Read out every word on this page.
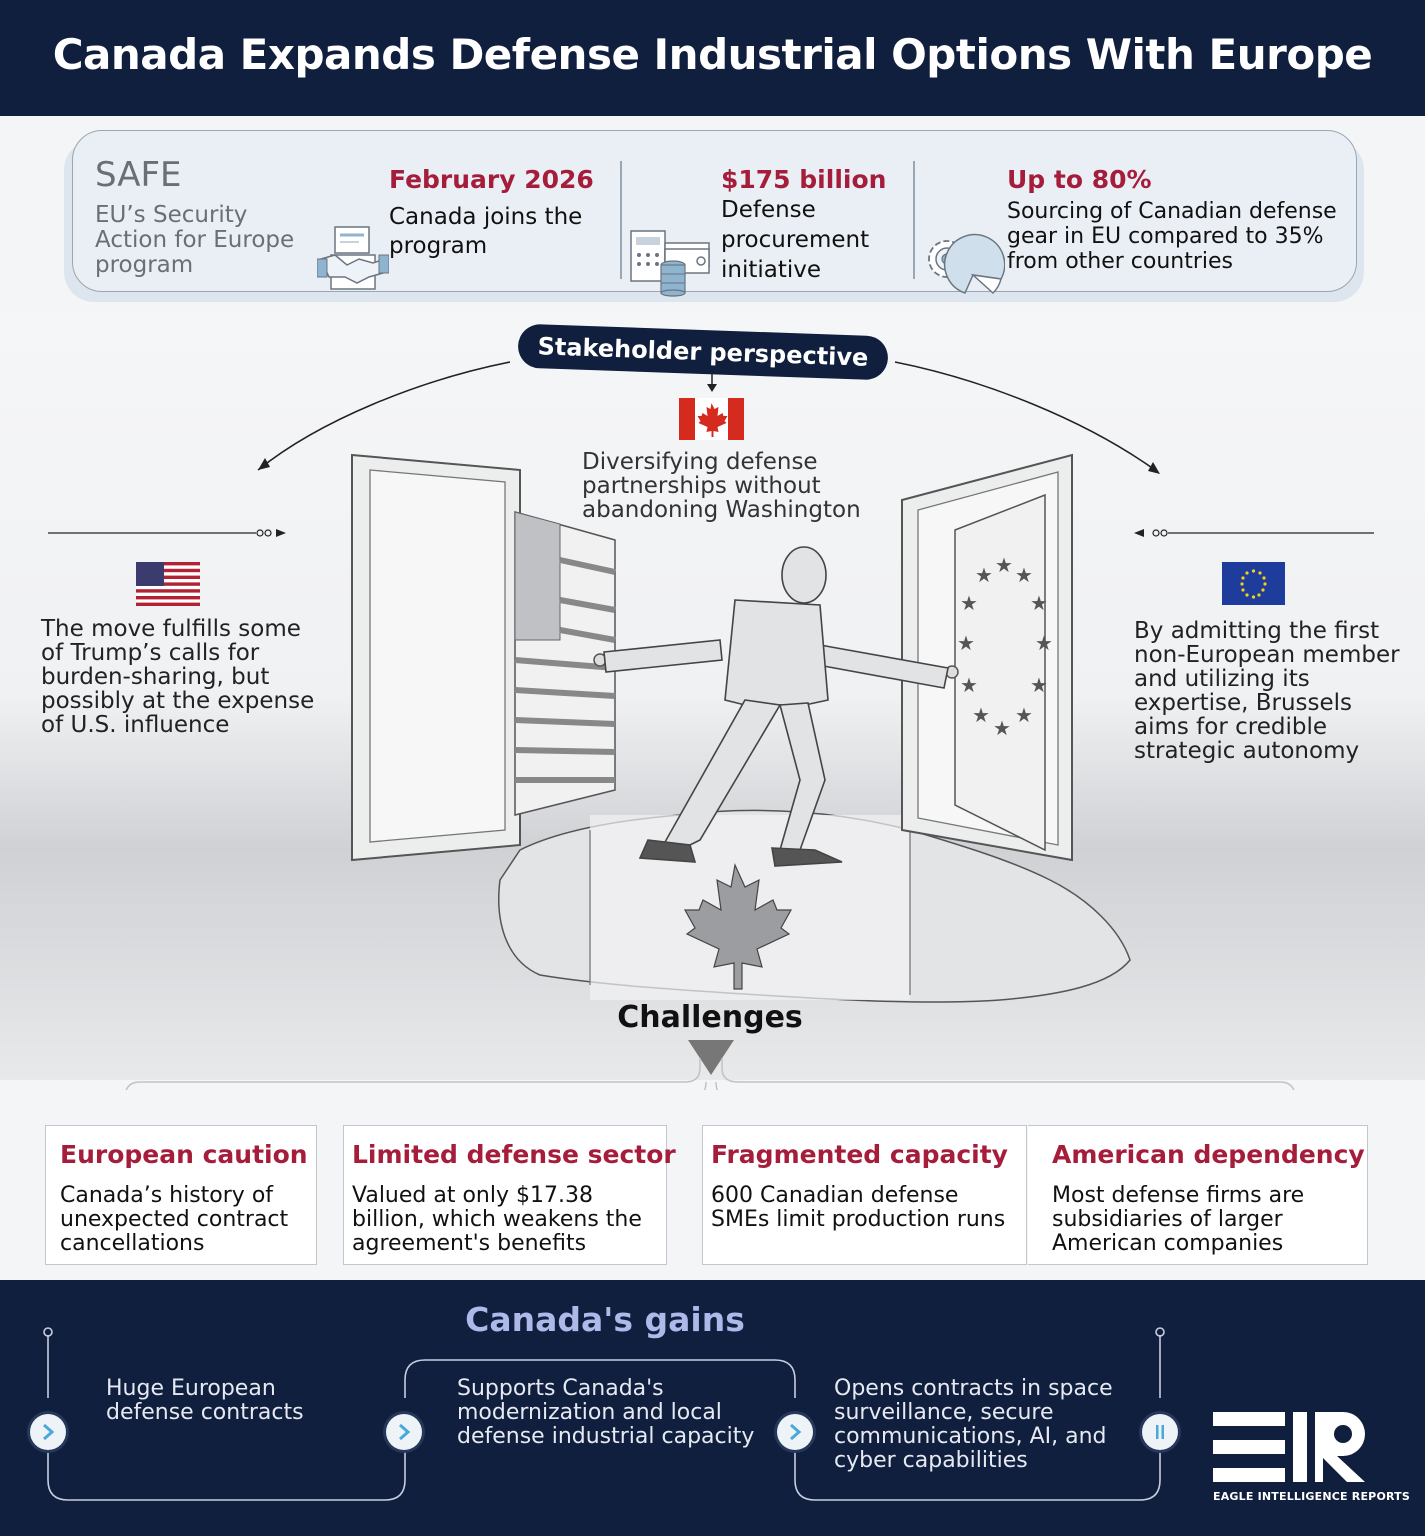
Canada Expands Defense Industrial Options With Europe
SAFE
EU’s Security Action for Europe program
February 2026
Canada joins the program
$175 billion
Defense procurement initiative
Up to 80%
Sourcing of Canadian defense gear in EU compared to 35% from other countries
★ ★
★
★
★
★
★
★
★
★
★
★
Stakeholder perspective
Diversifying defense partnerships without abandoning Washington
The move fulfills some of Trump’s calls for burden-sharing, but possibly at the expense of U.S. influence
By admitting the first non-European member and utilizing its expertise, Brussels aims for credible strategic autonomy
Challenges
European caution
Canada’s history of unexpected contract cancellations
Limited defense sector
Valued at only $17.38 billion, which weakens the agreement's benefits
Fragmented capacity
600 Canadian defense SMEs limit production runs
American dependency
Most defense firms are subsidiaries of larger American companies
Canada's gains
Huge European defense contracts
Supports Canada's modernization and local defense industrial capacity
Opens contracts in space surveillance, secure communications, AI, and cyber capabilities
EAGLE INTELLIGENCE REPORTS
